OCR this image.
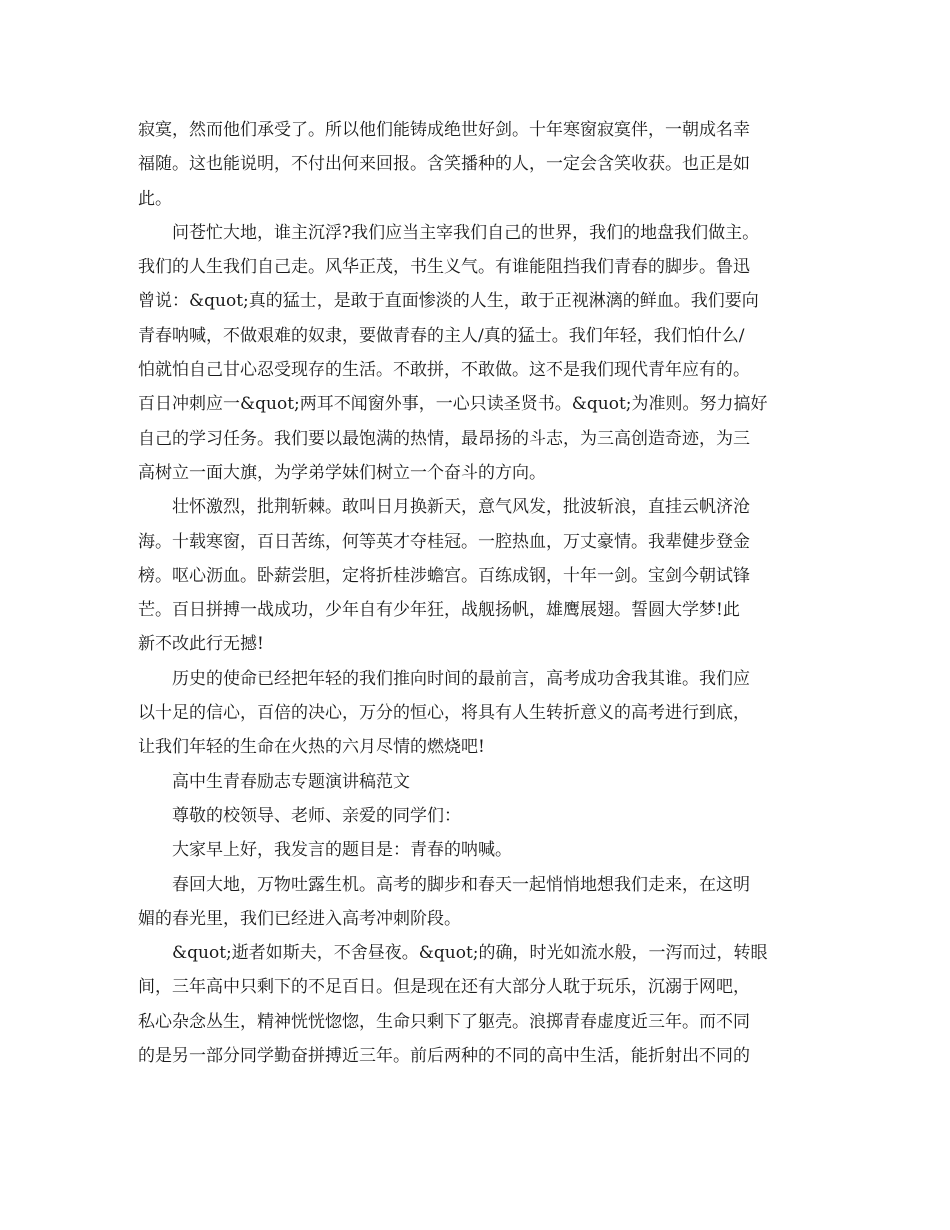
寂寞，然而他们承受了。所以他们能铸成绝世好剑。十年寒窗寂寞伴，一朝成名幸
福随。这也能说明，不付出何来回报。含笑播种的人，一定会含笑收获。也正是如
此。
问苍忙大地，谁主沉浮?我们应当主宰我们自己的世界，我们的地盘我们做主。
我们的人生我们自己走。风华正茂，书生义气。有谁能阻挡我们青春的脚步。鲁迅
曾说：&quot;真的猛士，是敢于直面惨淡的人生，敢于正视淋漓的鲜血。我们要向
青春呐喊，不做艰难的奴隶，要做青春的主人/真的猛士。我们年轻，我们怕什么/
怕就怕自己甘心忍受现存的生活。不敢拼，不敢做。这不是我们现代青年应有的。
百日冲刺应一&quot;两耳不闻窗外事，一心只读圣贤书。&quot;为准则。努力搞好
自己的学习任务。我们要以最饱满的热情，最昂扬的斗志，为三高创造奇迹，为三
高树立一面大旗，为学弟学妹们树立一个奋斗的方向。
壮怀激烈，批荆斩棘。敢叫日月换新天，意气风发，批波斩浪，直挂云帆济沧
海。十载寒窗，百日苦练，何等英才夺桂冠。一腔热血，万丈豪情。我辈健步登金
榜。呕心沥血。卧薪尝胆，定将折桂涉蟾宫。百练成钢，十年一剑。宝剑今朝试锋
芒。百日拼搏一战成功，少年自有少年狂，战舰扬帆，雄鹰展翅。誓圆大学梦!此
新不改此行无撼!
历史的使命已经把年轻的我们推向时间的最前言，高考成功舍我其谁。我们应
以十足的信心，百倍的决心，万分的恒心，将具有人生转折意义的高考进行到底，
让我们年轻的生命在火热的六月尽情的燃烧吧!
高中生青春励志专题演讲稿范文
尊敬的校领导、老师、亲爱的同学们：
大家早上好，我发言的题目是：青春的呐喊。
春回大地，万物吐露生机。高考的脚步和春天一起悄悄地想我们走来，在这明
媚的春光里，我们已经进入高考冲刺阶段。
&quot;逝者如斯夫，不舍昼夜。&quot;的确，时光如流水般，一泻而过，转眼
间，三年高中只剩下的不足百日。但是现在还有大部分人耽于玩乐，沉溺于网吧，
私心杂念丛生，精神恍恍惚惚，生命只剩下了躯壳。浪掷青春虚度近三年。而不同
的是另一部分同学勤奋拼搏近三年。前后两种的不同的高中生活，能折射出不同的
